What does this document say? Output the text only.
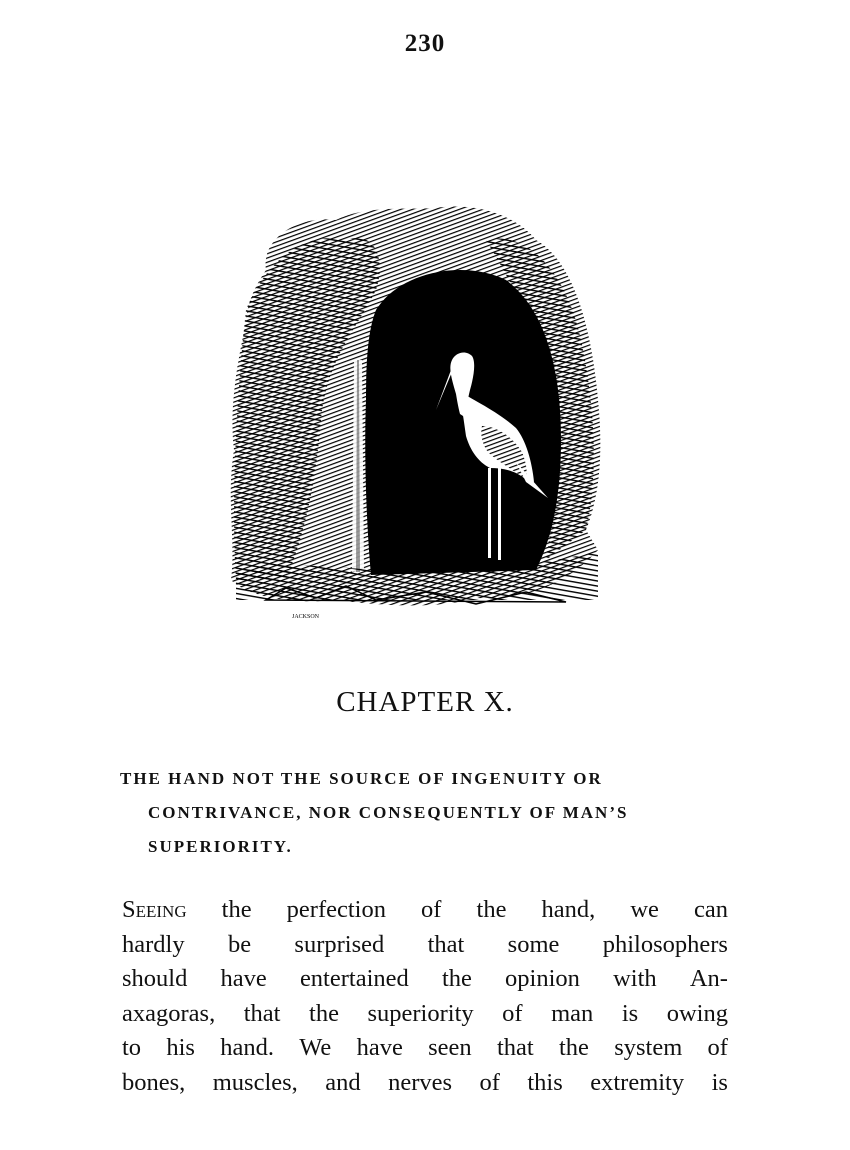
230
JACKSON
CHAPTER X.
THE HAND NOT THE SOURCE OF INGENUITY OR
CONTRIVANCE, NOR CONSEQUENTLY OF MAN’S
SUPERIORITY.
Seeing the perfection of the hand, we can
hardly be surprised that some philosophers
should have entertained the opinion with An-
axagoras, that the superiority of man is owing
to his hand. We have seen that the system of
bones, muscles, and nerves of this extremity is
